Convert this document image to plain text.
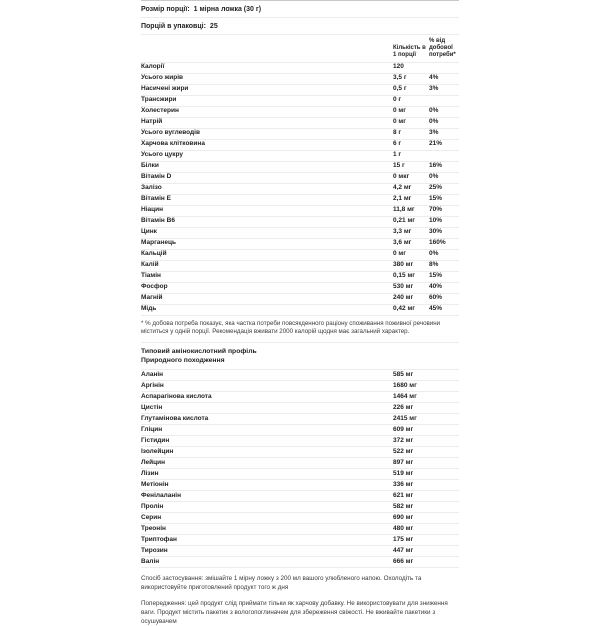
Розмір порції: 1 мірна ложка (30 г)
Порцій в упаковці: 25
Кількість в 1 порції
% від добової потреби*
Калорії	120
Усього жирів	3,5 г	4%
Насичені жири	0,5 г	3%
Трансжири	0 г
Холестерин	0 мг	0%
Натрій	0 мг	0%
Усього вуглеводів	8 г	3%
Харчова клітковина	6 г	21%
Усього цукру	1 г
Білки	15 г	16%
Вітамін D	0 мкг	0%
Залізо	4,2 мг	25%
Вітамін E	2,1 мг	15%
Ніацин	11,8 мг	70%
Вітамін B6	0,21 мг	10%
Цинк	3,3 мг	30%
Марганець	3,6 мг	160%
Кальцій	0 мг	0%
Калій	380 мг	8%
Тіамін	0,15 мг	15%
Фосфор	530 мг	40%
Магній	240 мг	60%
Мідь	0,42 мг	45%
* % добова потреба показує, яка частка потреби повсякденного раціону споживання поживної речовини міститься у одній порції. Рекомендація вживати 2000 калорій щодня має загальний характер.
Типовий амінокислотний профіль
Природного походження
Аланін	585 мг
Аргінін	1680 мг
Аспарагінова кислота	1464 мг
Цистін	226 мг
Глутамінова кислота	2415 мг
Гліцин	609 мг
Гістидин	372 мг
Ізолейцин	522 мг
Лейцин	897 мг
Лізин	519 мг
Метіонін	336 мг
Фенілаланін	621 мг
Пролін	582 мг
Серин	690 мг
Треонін	480 мг
Триптофан	175 мг
Тирозин	447 мг
Валін	666 мг
Спосіб застосування: змішайте 1 мірну ложку з 200 мл вашого улюбленого напою. Охолодіть та використовуйте приготовлений продукт того ж дня
Попередження: цей продукт слід приймати тільки як харчову добавку. Не використовувати для зниження ваги. Продукт містить пакетик з вологопоглиначем для збереження свіжості. Не вживайте пакетики з осушувачем
